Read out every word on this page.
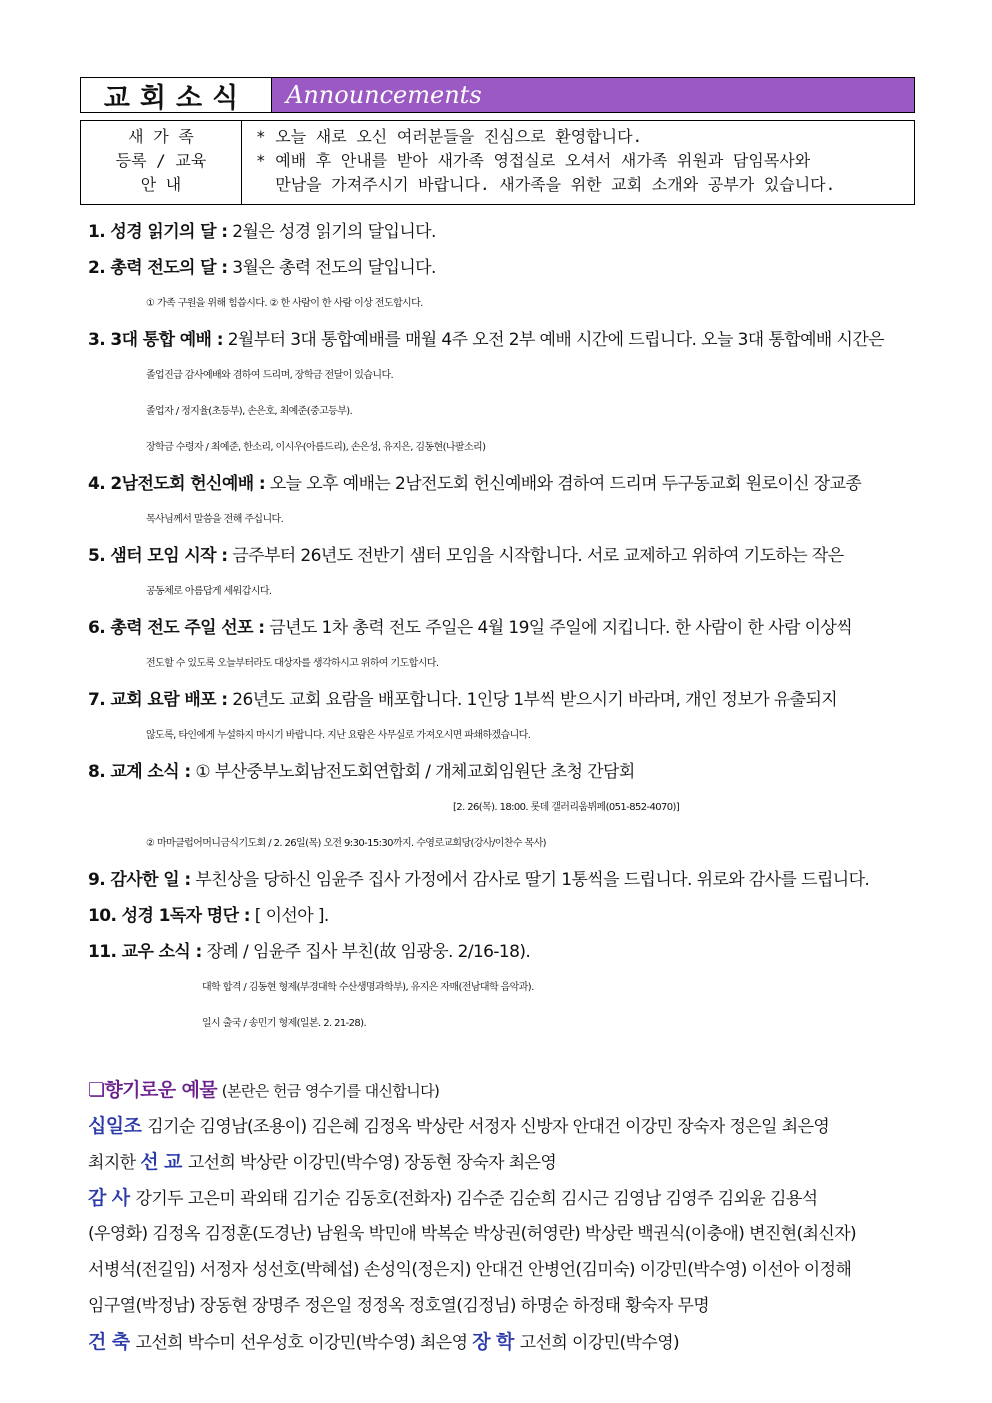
교회소식	Announcements
새 가 족
등록 / 교육
안 내
* 오늘 새로 오신 여러분들을 진심으로 환영합니다.
* 예배 후 안내를 받아 새가족 영접실로 오셔서 새가족 위원과 담임목사와
만남을 가져주시기 바랍니다. 새가족을 위한 교회 소개와 공부가 있습니다.
1. 성경 읽기의 달 : 2월은 성경 읽기의 달입니다.
2. 총력 전도의 달 : 3월은 총력 전도의 달입니다.
① 가족 구원을 위해 힘씁시다. ② 한 사람이 한 사람 이상 전도합시다.
3. 3대 통합 예배 : 2월부터 3대 통합예배를 매월 4주 오전 2부 예배 시간에 드립니다. 오늘 3대 통합예배 시간은
졸업진급 감사예배와 겸하여 드리며, 장학금 전달이 있습니다.
졸업자 / 정지율(초등부), 손은호, 최예준(중고등부).
장학금 수령자 / 최예준, 한소리, 이시우(아름드리), 손은성, 유지은, 김동현(나팔소리)
4. 2남전도회 헌신예배 : 오늘 오후 예배는 2남전도회 헌신예배와 겸하여 드리며 두구동교회 원로이신 장교종
목사님께서 말씀을 전해 주십니다.
5. 샘터 모임 시작 : 금주부터 26년도 전반기 샘터 모임을 시작합니다. 서로 교제하고 위하여 기도하는 작은
공동체로 아름답게 세워갑시다.
6. 총력 전도 주일 선포 : 금년도 1차 총력 전도 주일은 4월 19일 주일에 지킵니다. 한 사람이 한 사람 이상씩
전도할 수 있도록 오늘부터라도 대상자를 생각하시고 위하여 기도합시다.
7. 교회 요람 배포 : 26년도 교회 요람을 배포합니다. 1인당 1부씩 받으시기 바라며, 개인 정보가 유출되지
않도록, 타인에게 누설하지 마시기 바랍니다. 지난 요람은 사무실로 가져오시면 파쇄하겠습니다.
8. 교계 소식 : ① 부산중부노회남전도회연합회 / 개체교회임원단 초청 간담회
[2. 26(목). 18:00. 롯데 갤러리움뷔페(051-852-4070)]
② 마마클럽어머니금식기도회 / 2. 26일(목) 오전 9:30-15:30까지. 수영로교회당(강사/이찬수 목사)
9. 감사한 일 : 부친상을 당하신 임윤주 집사 가정에서 감사로 딸기 1통씩을 드립니다. 위로와 감사를 드립니다.
10. 성경 1독자 명단 : [ 이선아 ].
11. 교우 소식 : 장례 / 임윤주 집사 부친(故 임광웅. 2/16-18).
대학 합격 / 김동현 형제(부경대학 수산생명과학부), 유지은 자매(전남대학 음악과).
일시 출국 / 송민기 형제(일본. 2. 21-28).
❏향기로운 예물 (본란은 헌금 영수기를 대신합니다)
십일조 김기순 김영남(조용이) 김은혜 김정옥 박상란 서정자 신방자 안대건 이강민 장숙자 정은일 최은영
최지한 선 교 고선희 박상란 이강민(박수영) 장동현 장숙자 최은영
감 사 강기두 고은미 곽외태 김기순 김동호(전화자) 김수준 김순희 김시근 김영남 김영주 김외윤 김용석
(우영화) 김정옥 김정훈(도경난) 남원욱 박민애 박복순 박상권(허영란) 박상란 백권식(이충애) 변진현(최신자)
서병석(전길임) 서정자 성선호(박혜섭) 손성익(정은지) 안대건 안병언(김미숙) 이강민(박수영) 이선아 이정해
임구열(박정남) 장동현 장명주 정은일 정정옥 정호열(김정님) 하명순 하정태 황숙자 무명
건 축 고선희 박수미 선우성호 이강민(박수영) 최은영 장 학 고선희 이강민(박수영)
